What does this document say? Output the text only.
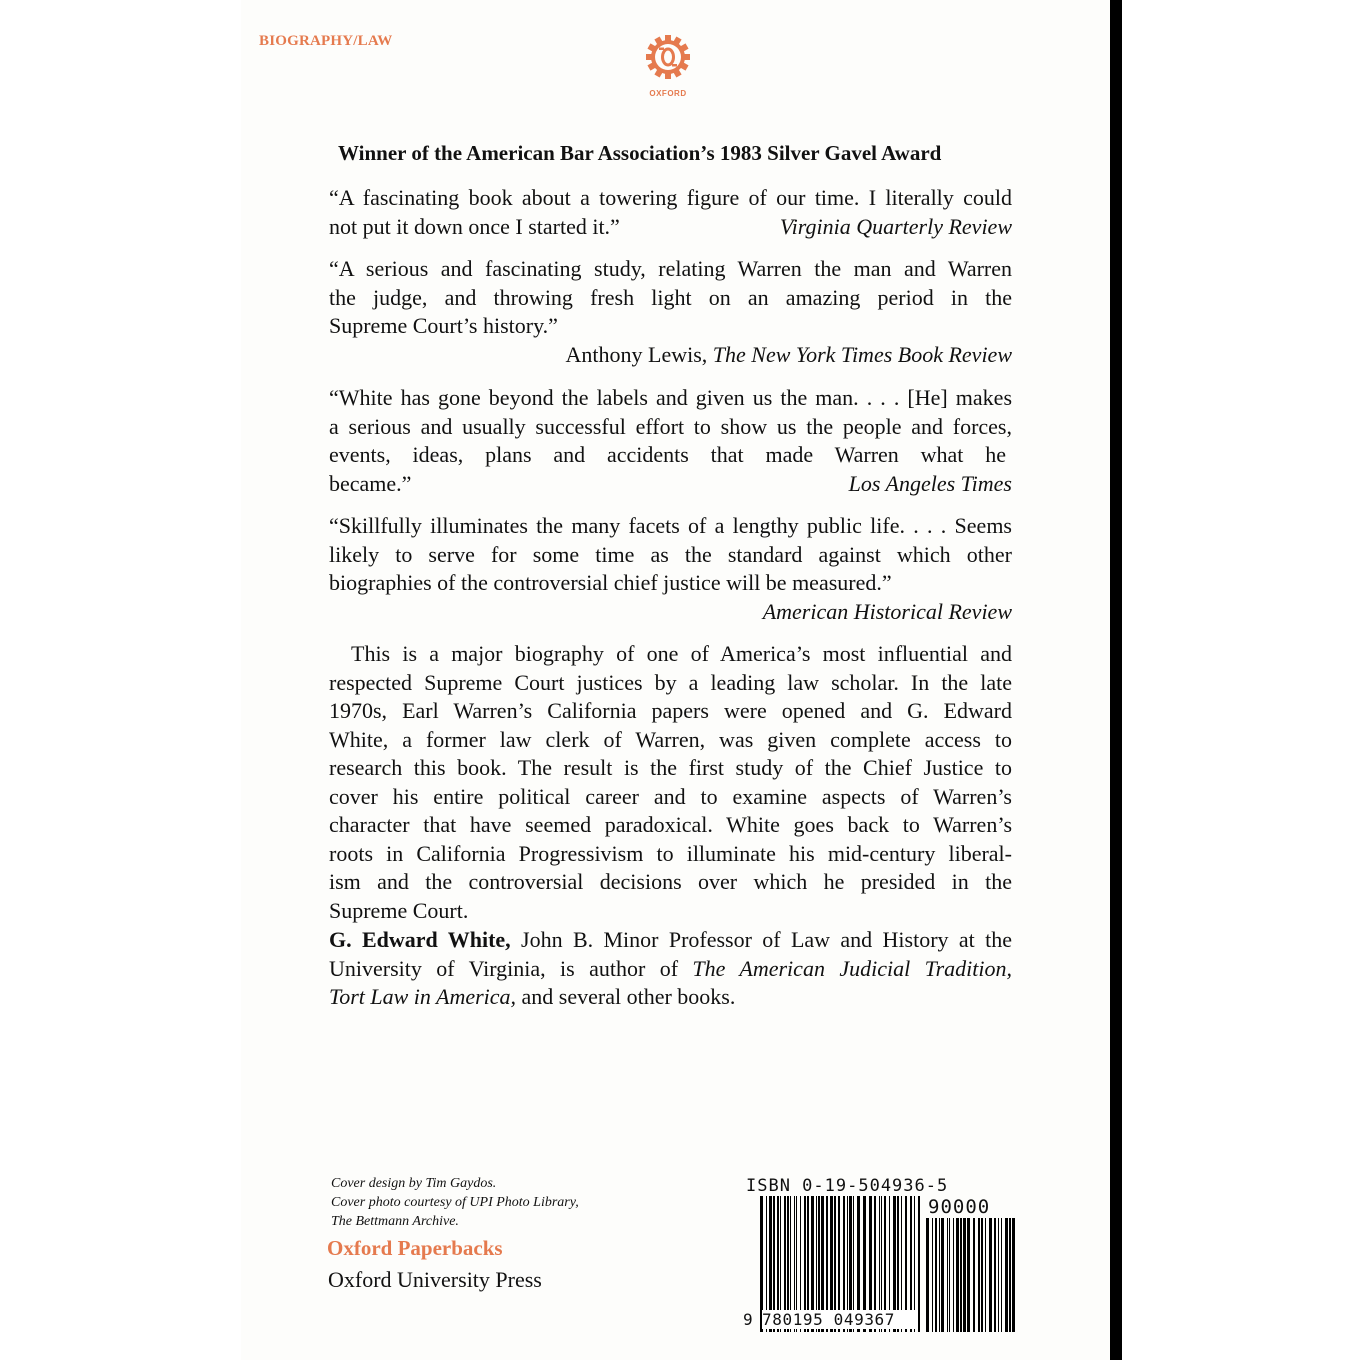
BIOGRAPHY/LAW
OXFORD
Winner of the American Bar Association’s 1983 Silver Gavel Award
“A fascinating book about a towering figure of our time. I literally could
not put it down once I started it.”	Virginia Quarterly Review
“A serious and fascinating study, relating Warren the man and Warren
the judge, and throwing fresh light on an amazing period in the
Supreme Court’s history.”
Anthony Lewis, The New York Times Book Review
“White has gone beyond the labels and given us the man. . . . [He] makes
a serious and usually successful effort to show us the people and forces,
events, ideas, plans and accidents that made Warren what he
became.”	Los Angeles Times
“Skillfully illuminates the many facets of a lengthy public life. . . . Seems
likely to serve for some time as the standard against which other
biographies of the controversial chief justice will be measured.”
American Historical Review
This is a major biography of one of America’s most influential and
respected Supreme Court justices by a leading law scholar. In the late
1970s, Earl Warren’s California papers were opened and G. Edward
White, a former law clerk of Warren, was given complete access to
research this book. The result is the first study of the Chief Justice to
cover his entire political career and to examine aspects of Warren’s
character that have seemed paradoxical. White goes back to Warren’s
roots in California Progressivism to illuminate his mid-century liberal-
ism and the controversial decisions over which he presided in the
Supreme Court.
G. Edward White, John B. Minor Professor of Law and History at the
University of Virginia, is author of The American Judicial Tradition,
Tort Law in America, and several other books.
Cover design by Tim Gaydos.
Cover photo courtesy of UPI Photo Library,
The Bettmann Archive.
Oxford Paperbacks
Oxford University Press
ISBN 0-19-504936-5
90000
9 780195 049367
